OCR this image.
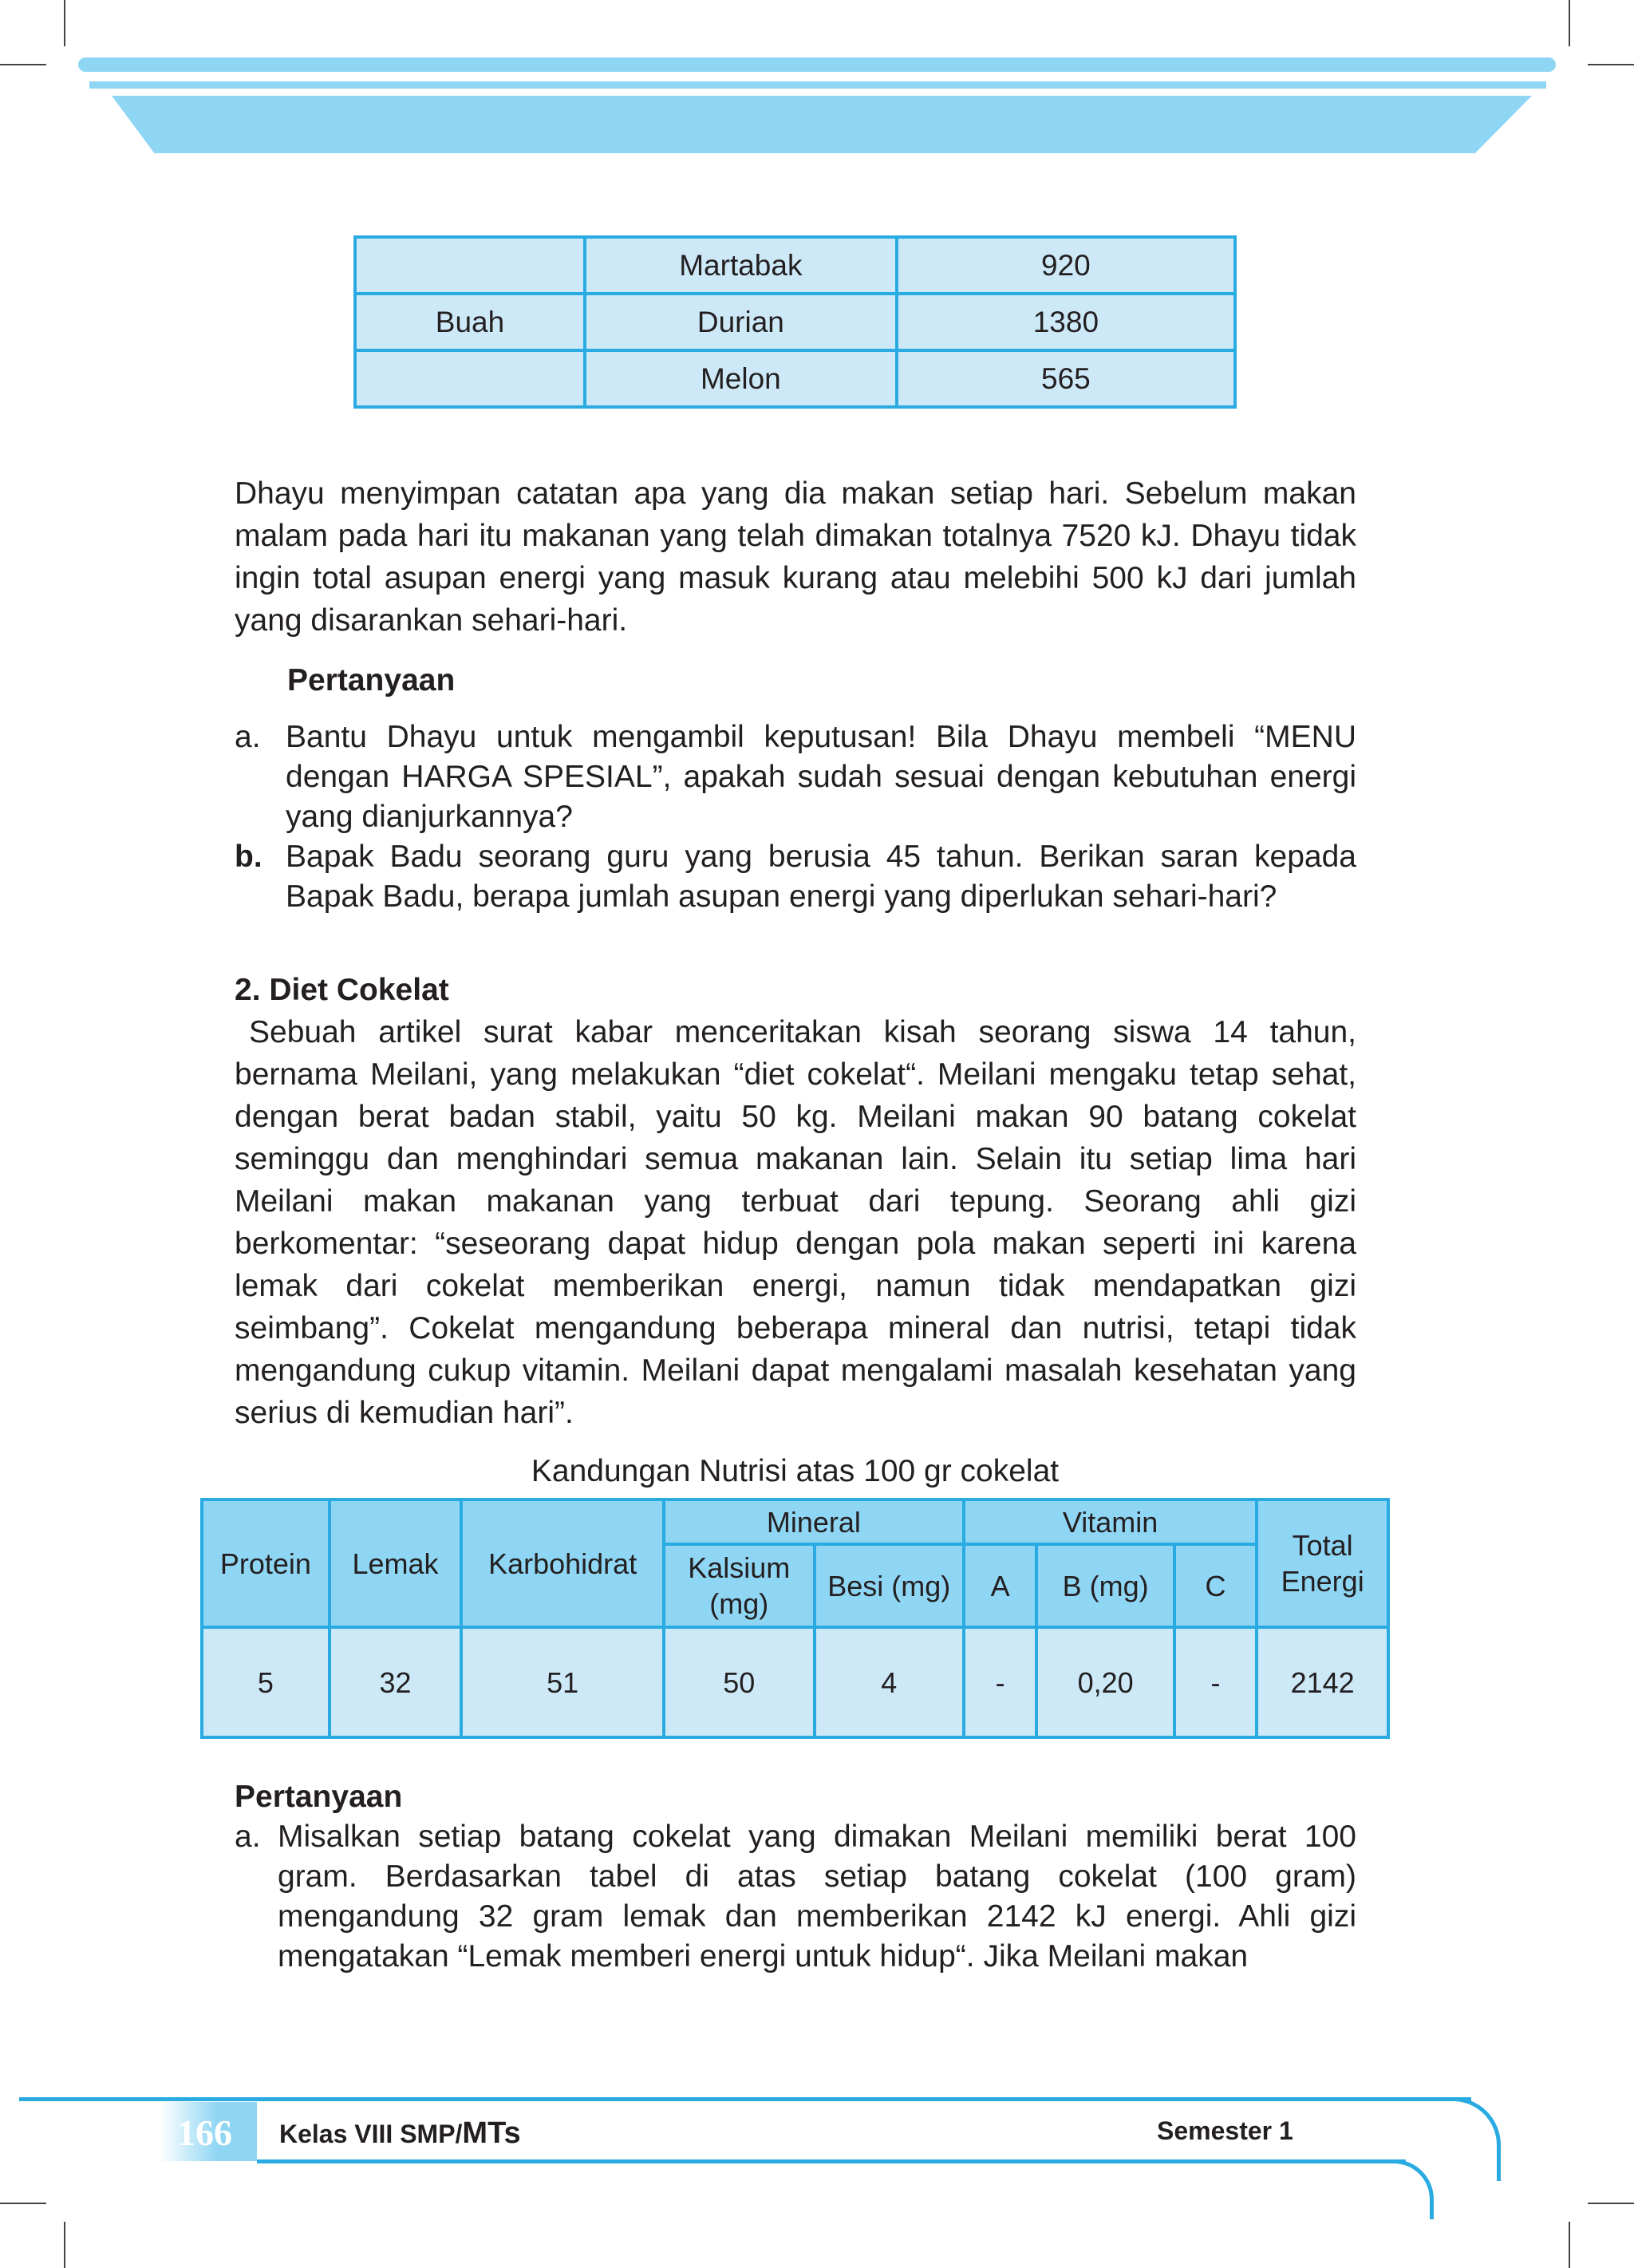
	Martabak	920
Buah	Durian	1380
	Melon	565

Dhayu menyimpan catatan apa yang dia makan setiap hari. Sebelum makan malam pada hari itu makanan yang telah dimakan totalnya 7520 kJ. Dhayu tidak ingin total asupan energi yang masuk kurang atau melebihi 500 kJ dari jumlah yang disarankan sehari-hari.

Pertanyaan
a. Bantu Dhayu untuk mengambil keputusan! Bila Dhayu membeli “MENU dengan HARGA SPESIAL”, apakah sudah sesuai dengan kebutuhan energi yang dianjurkannya?
b. Bapak Badu seorang guru yang berusia 45 tahun. Berikan saran kepada Bapak Badu, berapa jumlah asupan energi yang diperlukan sehari-hari?
2. Diet Cokelat

Sebuah artikel surat kabar menceritakan kisah seorang siswa 14 tahun, bernama Meilani, yang melakukan “diet cokelat“. Meilani mengaku tetap sehat, dengan berat badan stabil, yaitu 50 kg. Meilani makan 90 batang cokelat seminggu dan menghindari semua makanan lain. Selain itu setiap lima hari Meilani makan makanan yang terbuat dari tepung. Seorang ahli gizi berkomentar: “seseorang dapat hidup dengan pola makan seperti ini karena lemak dari cokelat memberikan energi, namun tidak mendapatkan gizi seimbang”. Cokelat mengandung beberapa mineral dan nutrisi, tetapi tidak mengandung cukup vitamin. Meilani dapat mengalami masalah kesehatan yang serius di kemudian hari”.

Kandungan Nutrisi atas 100 gr cokelat
Protein	Lemak	Karbohidrat	Mineral		Vitamin			Total Energi
			Kalsium (mg)	Besi (mg)	A	B (mg)	C	
5	32	51	50	4	-	0,20	-	2142
Pertanyaan
a. Misalkan setiap batang cokelat yang dimakan Meilani memiliki berat 100 gram. Berdasarkan tabel di atas setiap batang cokelat (100 gram) mengandung 32 gram lemak dan memberikan 2142 kJ energi. Ahli gizi mengatakan “Lemak memberi energi untuk hidup“. Jika Meilani makan
166 Kelas VIII SMP/MTs	Semester 1
